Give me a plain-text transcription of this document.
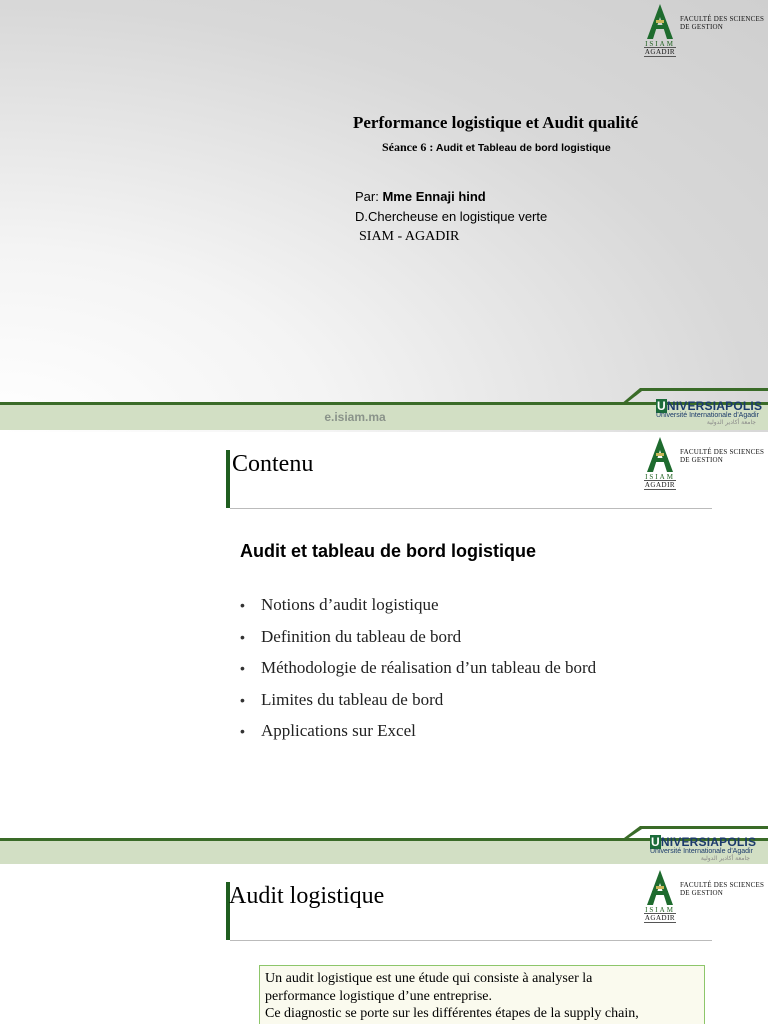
FACULTÉ DES SCIENCES
DE GESTION
ISIAM
AGADIR
Performance logistique et Audit qualité
Séance 6 : Audit et Tableau de bord logistique
Par: Mme Ennaji hind
D.Chercheuse en logistique verte
SIAM - AGADIR
e.isiam.ma
UNIVERSIAPOLIS
Université Internationale d'Agadir
جامعة أكادير الدولية
Contenu	FACULTÉ DES SCIENCES
DE GESTION
ISIAM
AGADIR
Audit et tableau de bord logistique
• Notions d’audit logistique
• Definition du tableau de bord
• Méthodologie de réalisation d’un tableau de bord
• Limites du tableau de bord
• Applications sur Excel
UNIVERSIAPOLIS
Université Internationale d'Agadir
جامعة أكادير الدولية
Audit logistique	FACULTÉ DES SCIENCES
DE GESTION
ISIAM
AGADIR

Un audit logistique est une étude qui consiste à analyser la

performance logistique d’une entreprise.

Ce diagnostic se porte sur les différentes étapes de la supply chain,
